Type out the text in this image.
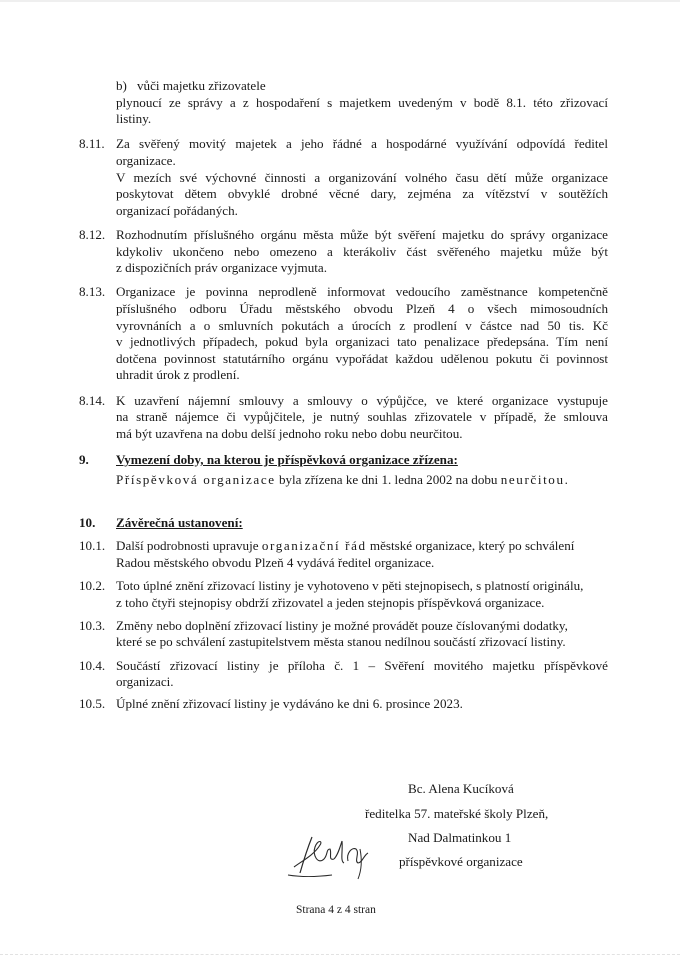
b) vůči majetku zřizovatele
plynoucí ze správy a z hospodaření s majetkem uvedeným v bodě 8.1. této zřizovací
listiny.
8.11. Za svěřený movitý majetek a jeho řádné a hospodárné využívání odpovídá ředitel
organizace.
V mezích své výchovné činnosti a organizování volného času dětí může organizace
poskytovat dětem obvyklé drobné věcné dary, zejména za vítězství v soutěžích
organizací pořádaných.
8.12. Rozhodnutím příslušného orgánu města může být svěření majetku do správy organizace
kdykoliv ukončeno nebo omezeno a kterákoliv část svěřeného majetku může být
z dispozičních práv organizace vyjmuta.
8.13. Organizace je povinna neprodleně informovat vedoucího zaměstnance kompetenčně
příslušného odboru Úřadu městského obvodu Plzeň 4 o všech mimosoudních
vyrovnáních a o smluvních pokutách a úrocích z prodlení v částce nad 50 tis. Kč
v jednotlivých případech, pokud byla organizaci tato penalizace předepsána. Tím není
dotčena povinnost statutárního orgánu vypořádat každou udělenou pokutu či povinnost
uhradit úrok z prodlení.
8.14. K uzavření nájemní smlouvy a smlouvy o výpůjčce, ve které organizace vystupuje
na straně nájemce či vypůjčitele, je nutný souhlas zřizovatele v případě, že smlouva
má být uzavřena na dobu delší jednoho roku nebo dobu neurčitou.
9. Vymezení doby, na kterou je příspěvková organizace zřízena:
Příspěvková organizace byla zřízena ke dni 1. ledna 2002 na dobu neurčitou.
10. Závěrečná ustanovení:
10.1. Další podrobnosti upravuje organizační řád městské organizace, který po schválení
Radou městského obvodu Plzeň 4 vydává ředitel organizace.
10.2. Toto úplné znění zřizovací listiny je vyhotoveno v pěti stejnopisech, s platností originálu,
z toho čtyři stejnopisy obdrží zřizovatel a jeden stejnopis příspěvková organizace.
10.3. Změny nebo doplnění zřizovací listiny je možné provádět pouze číslovanými dodatky,
které se po schválení zastupitelstvem města stanou nedílnou součástí zřizovací listiny.
10.4. Součástí zřizovací listiny je příloha č. 1 – Svěření movitého majetku příspěvkové
organizaci.
10.5. Úplné znění zřizovací listiny je vydáváno ke dni 6. prosince 2023.
Bc. Alena Kucíková
ředitelka 57. mateřské školy Plzeň,
Nad Dalmatinkou 1
příspěvkové organizace
Strana 4 z 4 stran
